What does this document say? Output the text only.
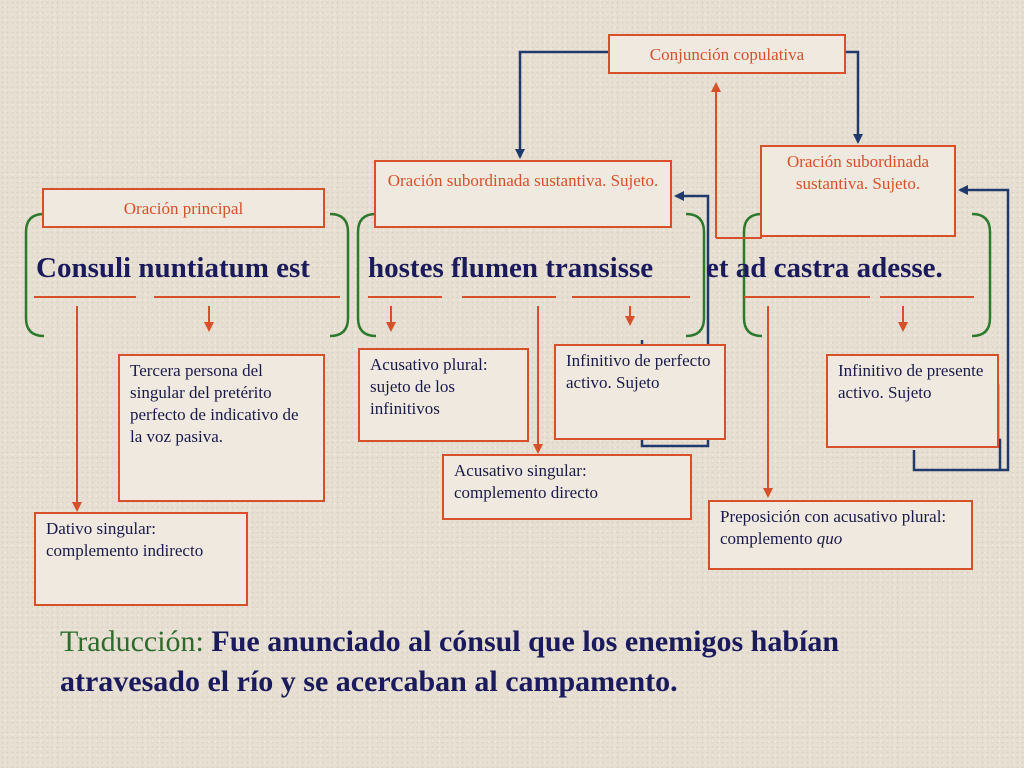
Conjunción copulativa
Oración principal
Oración subordinada sustantiva. Sujeto.
Oración subordinada sustantiva. Sujeto.

Consuli nuntiatum est hostes flumen transisse et ad castra adesse.

Tercera persona del singular del pretérito perfecto de indicativo de la voz pasiva.
Dativo singular: complemento indirecto
Acusativo plural: sujeto de los infinitivos
Infinitivo de perfecto activo. Sujeto
Acusativo singular: complemento directo
Infinitivo de presente activo. Sujeto
Preposición con acusativo plural: complemento quo
Traducción: Fue anunciado al cónsul que los enemigos habían atravesado el río y se acercaban al campamento.
